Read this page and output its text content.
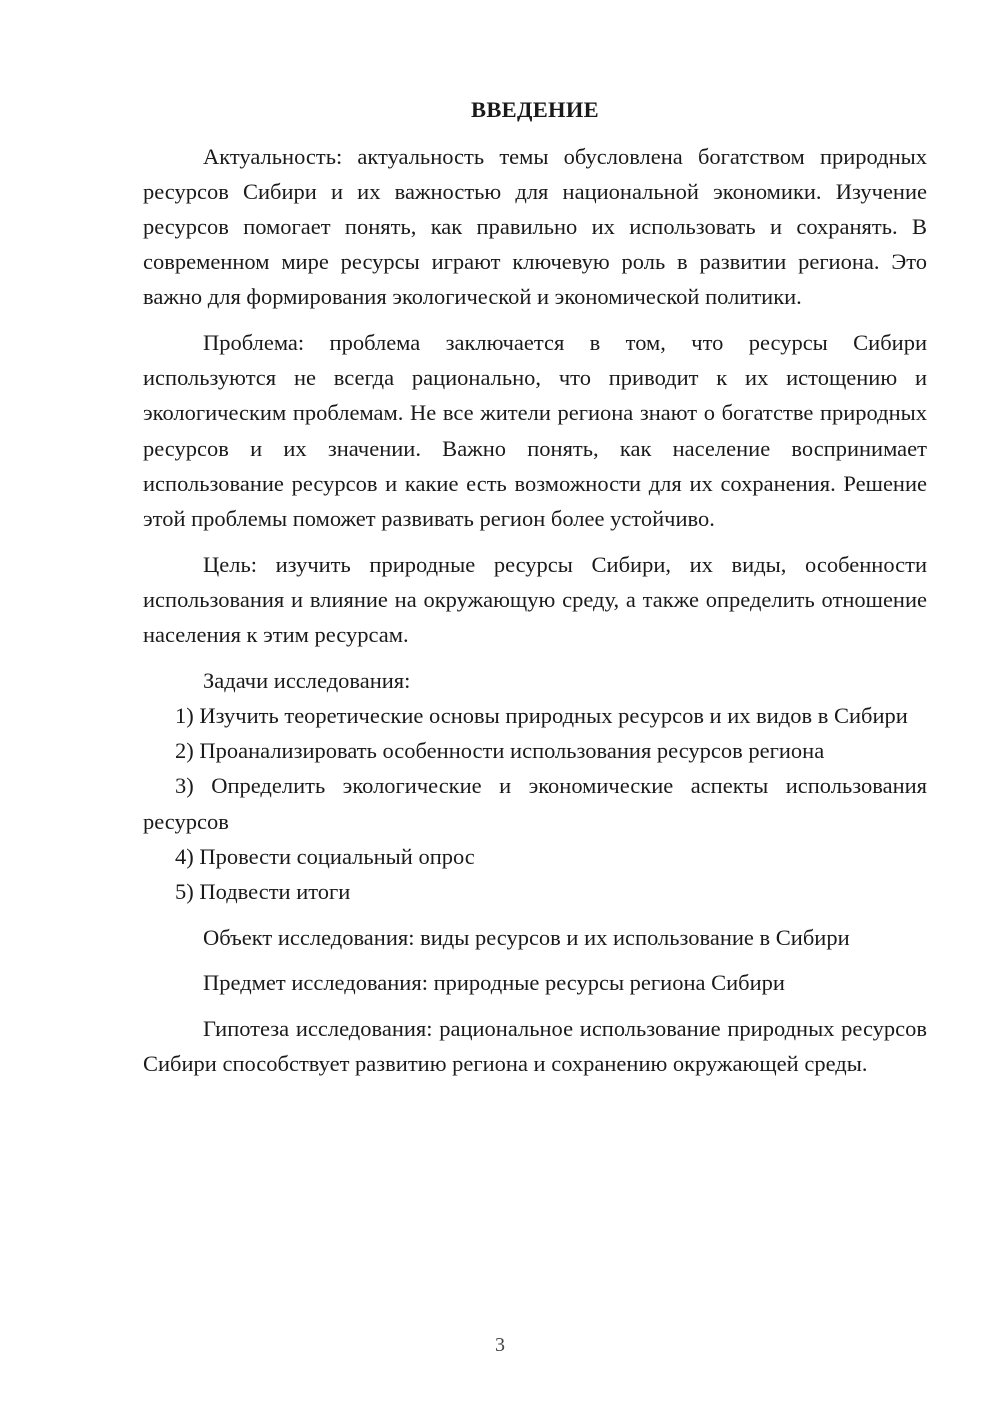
ВВЕДЕНИЕ

Актуальность: актуальность темы обусловлена богатством природных ресурсов Сибири и их важностью для национальной экономики. Изучение ресурсов помогает понять, как правильно их использовать и сохранять. В современном мире ресурсы играют ключевую роль в развитии региона. Это важно для формирования экологической и экономической политики.

Проблема: проблема заключается в том, что ресурсы Сибири используются не всегда рационально, что приводит к их истощению и экологическим проблемам. Не все жители региона знают о богатстве природных ресурсов и их значении. Важно понять, как население воспринимает использование ресурсов и какие есть возможности для их сохранения. Решение этой проблемы поможет развивать регион более устойчиво.

Цель: изучить природные ресурсы Сибири, их виды, особенности использования и влияние на окружающую среду, а также определить отношение населения к этим ресурсам.

Задачи исследования:

1) Изучить теоретические основы природных ресурсов и их видов в Сибири

2) Проанализировать особенности использования ресурсов региона

3) Определить экологические и экономические аспекты использования ресурсов

4) Провести социальный опрос

5) Подвести итоги

Объект исследования: виды ресурсов и их использование в Сибири

Предмет исследования: природные ресурсы региона Сибири

Гипотеза исследования: рациональное использование природных ресурсов Сибири способствует развитию региона и сохранению окружающей среды.

3
